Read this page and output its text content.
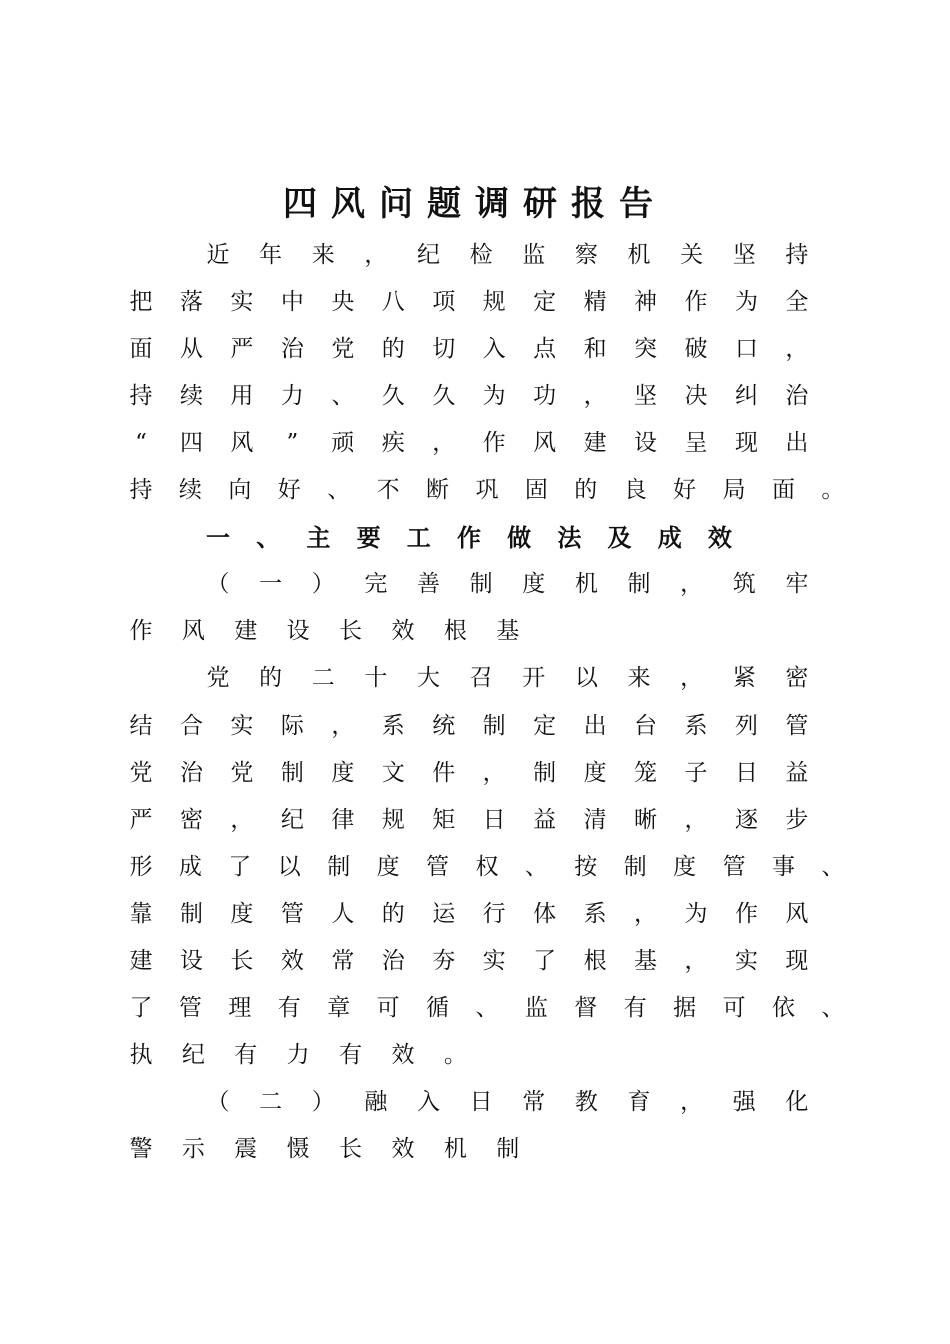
四风问题调研报告
近 年 来 ， 纪 检 监 察 机 关 坚 持
把 落 实 中 央 八 项 规 定 精 神 作 为 全
面 从 严 治 党 的 切 入 点 和 突 破 口 ，
持 续 用 力 、 久 久 为 功 ， 坚 决 纠 治
“	四 风	”	顽 疾 ， 作 风 建 设 呈 现 出
持 续 向 好 、 不 断 巩 固 的 良 好 局 面 。
一 、 主 要 工 作 做 法 及 成 效
（ 一 ） 完 善 制 度 机 制 ， 筑 牢
作 风 建 设 长 效 根 基
党 的 二 十 大 召 开 以 来 ， 紧 密
结 合 实 际 ， 系 统 制 定 出 台 系 列 管
党 治 党 制 度 文 件 ， 制 度 笼 子 日 益
严 密 ， 纪 律 规 矩 日 益 清 晰 ， 逐 步
形 成 了 以 制 度 管 权 、 按 制 度 管 事 、
靠 制 度 管 人 的 运 行 体 系 ， 为 作 风
建 设 长 效 常 治 夯 实 了 根 基 ， 实 现
了 管 理 有 章 可 循 、 监 督 有 据 可 依 、
执 纪 有 力 有 效 。
（ 二 ） 融 入 日 常 教 育 ， 强 化
警 示 震 慑 长 效 机 制
